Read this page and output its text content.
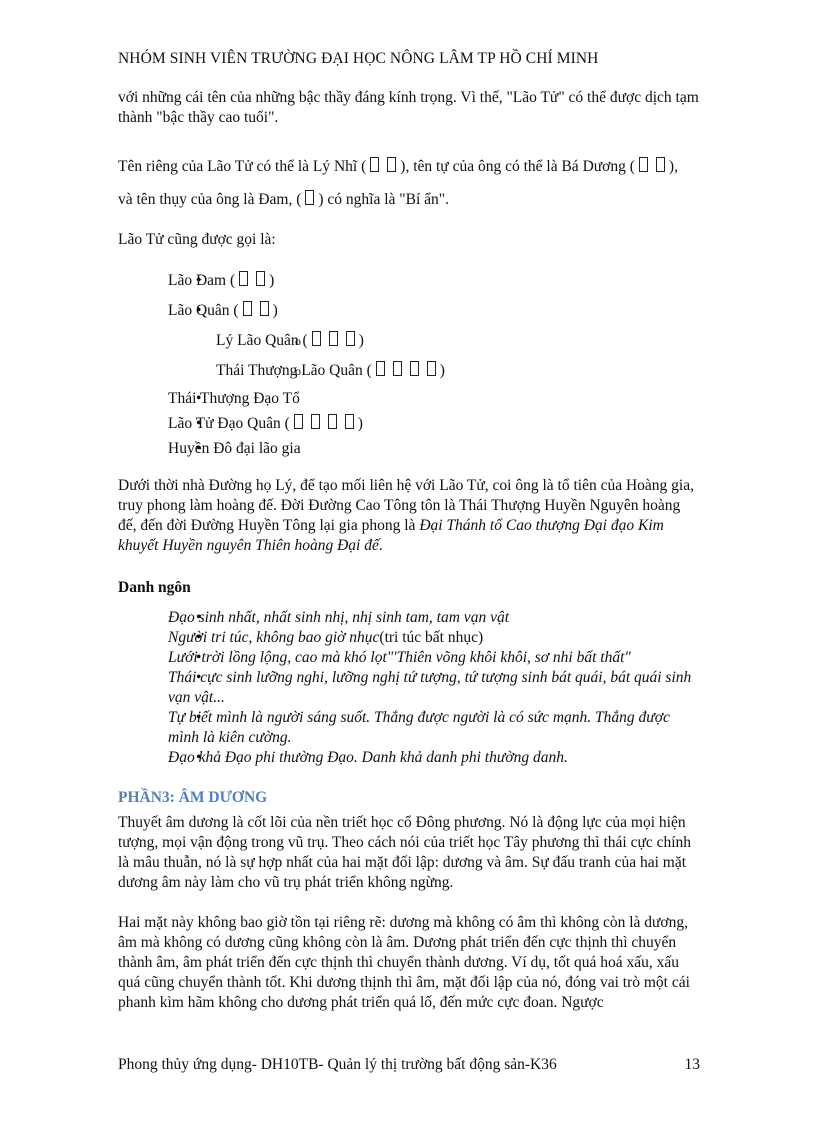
NHÓM SINH VIÊN TRƯỜNG ĐẠI HỌC NÔNG LÂM TP HỒ CHÍ MINH

với những cái tên của những bậc thầy đáng kính trọng. Vì thế, "Lão Tử" có thể được dịch tạm thành "bậc thầy cao tuổi".

Tên riêng của Lão Tử có thể là Lý Nhĩ ( ), tên tự của ông có thể là Bá Dương ( ),
và tên thụy của ông là Đam, ( ) có nghĩa là "Bí ẩn".

Lão Tử cũng được gọi là:

• Lão Đam ( )
• Lão Quân ( )
o Lý Lão Quân (	)
o Thái Thượng Lão Quân (	)
• Thái Thượng Đạo Tổ
• Lão Tử Đạo Quân (	)
• Huyền Đô đại lão gia

Dưới thời nhà Đường họ Lý, để tạo mối liên hệ với Lão Tử, coi ông là tổ tiên của Hoàng gia, truy phong làm hoàng đế. Đời Đường Cao Tông tôn là Thái Thượng Huyền Nguyên hoàng đế, đến đời Đường Huyền Tông lại gia phong là Đại Thánh tổ Cao thượng Đại đạo Kim khuyết Huyền nguyên Thiên hoàng Đại đế.

Danh ngôn

• Đạo sinh nhất, nhất sinh nhị, nhị sinh tam, tam vạn vật
• Người tri túc, không bao giờ nhục(tri túc bất nhục)
• Lưới trời lồng lộng, cao mà khó lọt"'Thiên võng khôi khôi, sơ nhi bất thất"
• Thái cực sinh lưỡng nghi, lưỡng nghị tứ tượng, tứ tượng sinh bát quái, bát quái sinh vạn vật...
• Tự biết mình là người sáng suốt. Thắng được người là có sức mạnh. Thắng được mình là kiên cường.
• Đạo khả Đạo phi thường Đạo. Danh khả danh phi thường danh.

PHẦN3: ÂM DƯƠNG

Thuyết âm dương là cốt lõi của nền triết học cổ Đông phương. Nó là động lực của mọi hiện tượng, mọi vận động trong vũ trụ. Theo cách nói của triết học Tây phương thì thái cực chính là mâu thuẫn, nó là sự hợp nhất của hai mặt đối lập: dương và âm. Sự đấu tranh của hai mặt dương âm này làm cho vũ trụ phát triển không ngừng.

Hai mặt này không bao giờ tồn tại riêng rẽ: dương mà không có âm thì không còn là dương, âm mà không có dương cũng không còn là âm. Dương phát triển đến cực thịnh thì chuyển thành âm, âm phát triển đến cực thịnh thì chuyển thành dương. Ví dụ, tốt quá hoá xấu, xấu quá cũng chuyển thành tốt. Khi dương thịnh thì âm, mặt đối lập của nó, đóng vai trò một cái phanh kìm hãm không cho dương phát triển quá lố, đến mức cực đoan. Ngược

Phong thủy ứng dụng- DH10TB- Quản lý thị trường bất động sản-K36	13
